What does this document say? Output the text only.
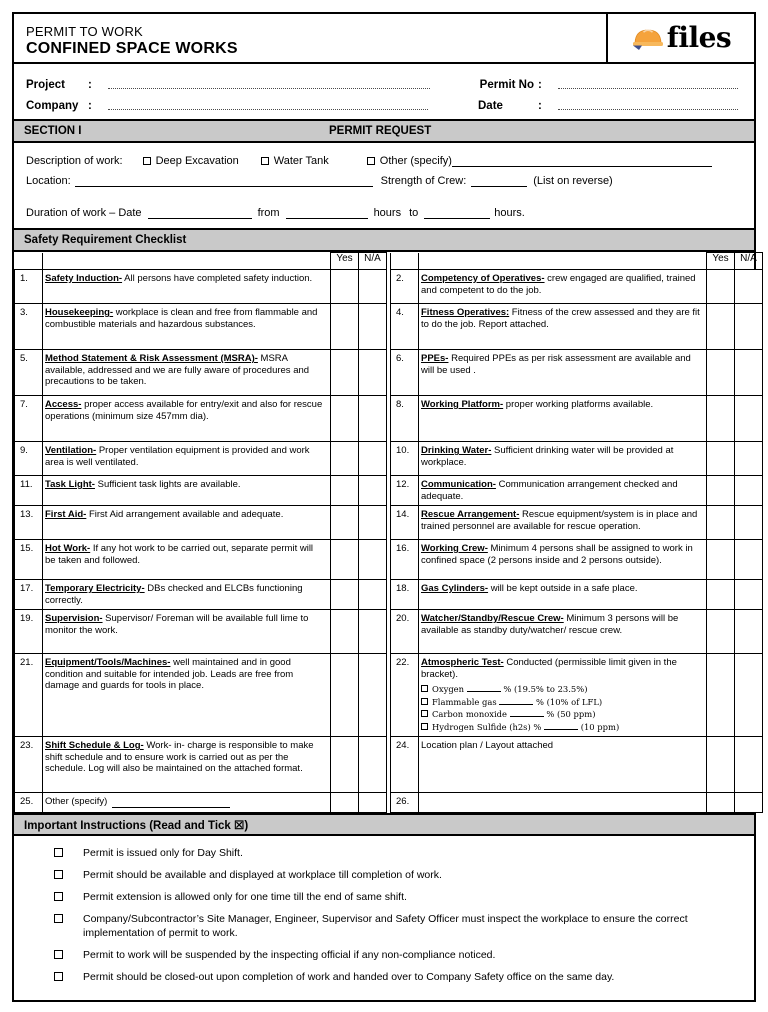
PERMIT TO WORK
CONFINED SPACE WORKS	files
Project	:	Permit No :
Company :	Date	:
SECTION I	PERMIT REQUEST
Description of work:	Deep Excavation	Water Tank	Other (specify)
Location:	Strength of Crew:	(List on reverse)
Duration of work – Date	from	hours to	hours.
Safety Requirement Checklist
		Yes	N/A				Yes	N/A
1.	Safety Induction- All persons have completed safety induction.				2.	Competency of Operatives- crew engaged are qualified, trained and competent to do the job.		

3.	Housekeeping- workplace is clean and free from flammable and combustible materials and hazardous substances.				4.	Fitness Operatives: Fitness of the crew assessed and they are fit to do the job. Report attached.		

5.	Method Statement & Risk Assessment (MSRA)- MSRA available, addressed and we are fully aware of procedures and precautions to be taken.				6.	PPEs- Required PPEs as per risk assessment are available and will be used .		

7.	Access- proper access available for entry/exit and also for rescue operations (minimum size 457mm dia).				8.	Working Platform- proper working platforms available.		

9.	Ventilation- Proper ventilation equipment is provided and work area is well ventilated.				10.	Drinking Water- Sufficient drinking water will be provided at workplace.		

11.	Task Light- Sufficient task lights are available.				12.	Communication- Communication arrangement checked and adequate.		

13.	First Aid- First Aid arrangement available and adequate.				14.	Rescue Arrangement- Rescue equipment/system is in place and trained personnel are available for rescue operation.		

15.	Hot Work- If any hot work to be carried out, separate permit will be taken and followed.				16.	Working Crew- Minimum 4 persons shall be assigned to work in confined space (2 persons inside and 2 persons outside).		

17.	Temporary Electricity- DBs checked and ELCBs functioning correctly.				18.	Gas Cylinders- will be kept outside in a safe place.		

19.	Supervision- Supervisor/ Foreman will be available full lime to monitor the work.				20.	Watcher/Standby/Rescue Crew- Minimum 3 persons will be available as standby duty/watcher/ rescue crew.		

21.	Equipment/Tools/Machines- well maintained and in good condition and suitable for intended job. Leads are free from damage and guards for tools in place.				22.	Atmospheric Test- Conducted (permissible limit given in the bracket).
Oxygen % (19.5% to 23.5%)
Flammable gas % (10% of LFL)
Carbon monoxide % (50 ppm)
Hydrogen Sulfide (h2s) % (10 ppm)		

23.	Shift Schedule & Log- Work- in- charge is responsible to make shift schedule and to ensure work is carried out as per the schedule. Log will also be maintained on the attached format.				24.	Location plan / Layout attached		

25.	Other (specify)				26.	

Important Instructions (Read and Tick ☒)
Permit is issued only for Day Shift.
Permit should be available and displayed at workplace till completion of work.
Permit extension is allowed only for one time till the end of same shift.
Company/Subcontractor’s Site Manager, Engineer, Supervisor and Safety Officer must inspect the workplace to ensure the correct implementation of permit to work.
Permit to work will be suspended by the inspecting official if any non-compliance noticed.
Permit should be closed-out upon completion of work and handed over to Company Safety office on the same day.
